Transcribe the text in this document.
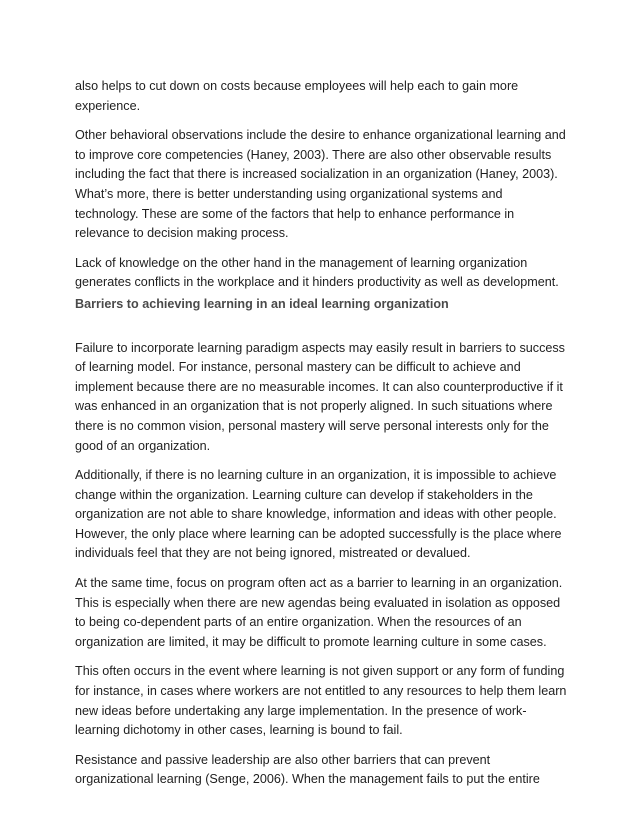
also helps to cut down on costs because employees will help each to gain more experience.

Other behavioral observations include the desire to enhance organizational learning and to improve core competencies (Haney, 2003). There are also other observable results including the fact that there is increased socialization in an organization (Haney, 2003). What’s more, there is better understanding using organizational systems and technology. These are some of the factors that help to enhance performance in relevance to decision making process.

Lack of knowledge on the other hand in the management of learning organization generates conflicts in the workplace and it hinders productivity as well as development.

Barriers to achieving learning in an ideal learning organization

Failure to incorporate learning paradigm aspects may easily result in barriers to success of learning model. For instance, personal mastery can be difficult to achieve and implement because there are no measurable incomes. It can also counterproductive if it was enhanced in an organization that is not properly aligned. In such situations where there is no common vision, personal mastery will serve personal interests only for the good of an organization.

Additionally, if there is no learning culture in an organization, it is impossible to achieve change within the organization. Learning culture can develop if stakeholders in the organization are not able to share knowledge, information and ideas with other people. However, the only place where learning can be adopted successfully is the place where individuals feel that they are not being ignored, mistreated or devalued.

At the same time, focus on program often act as a barrier to learning in an organization. This is especially when there are new agendas being evaluated in isolation as opposed to being co-dependent parts of an entire organization. When the resources of an organization are limited, it may be difficult to promote learning culture in some cases.

This often occurs in the event where learning is not given support or any form of funding for instance, in cases where workers are not entitled to any resources to help them learn new ideas before undertaking any large implementation. In the presence of work-learning dichotomy in other cases, learning is bound to fail.

Resistance and passive leadership are also other barriers that can prevent organizational learning (Senge, 2006). When the management fails to put the entire
